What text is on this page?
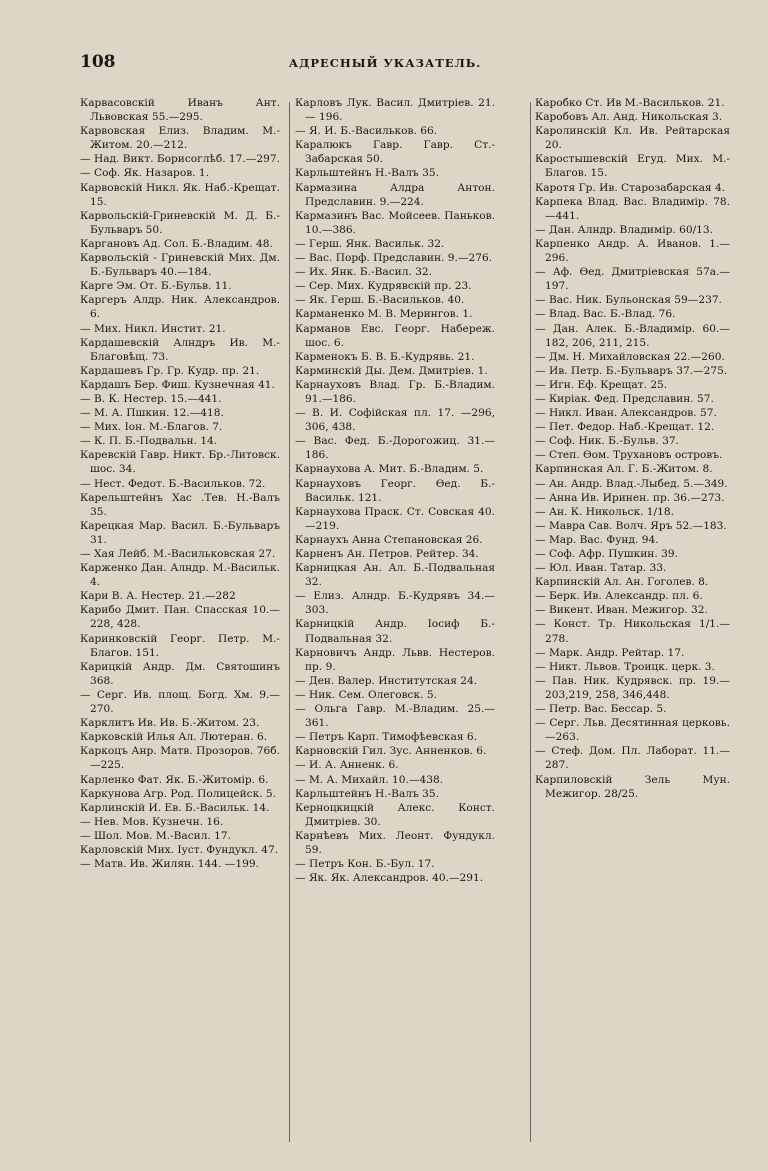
108	АДРЕСНЫЙ УКАЗАТЕЛЬ.

Карвасовскій Иванъ Ант. Львовская 55.—295.

Карвовская Елиз. Владим. М.-Житом. 20.—212.

— Над. Викт. Борисоглѣб. 17.—297.

— Соф. Як. Назаров. 1.

Карвовскій Никл. Як. Наб.-Крещат. 15.

Карвольскій-Гриневскій М. Д. Б.-Бульваръ 50.

Каргановъ Ад. Сол. Б.-Владим. 48.

Карвольскій - Гриневскій Мих. Дм. Б.-Бульваръ 40.—184.

Карге Эм. От. Б.-Бульв. 11.

Каргеръ Алдр. Ник. Александров. 6.

— Мих. Никл. Инстит. 21.

Кардашевскій Алндръ Ив. М.-Благовѣщ. 73.

Кардашевъ Гр. Гр. Кудр. пр. 21.

Кардашъ Бер. Фиш. Кузнечная 41.

— В. К. Нестер. 15.—441.

— М. А. Пшкин. 12.—418.

— Мих. Іон. М.-Благов. 7.

— К. П. Б.-Подвальн. 14.

Каревскій Гавр. Никт. Бр.-Литовск. шос. 34.

— Нест. Федот. Б.-Васильков. 72.

Карельштейнъ Хас .Тев. Н.-Валъ 35.

Карецкая Мар. Васил. Б.-Бульваръ 31.

— Хая Лейб. М.-Васильковская 27.

Карженко Дан. Алндр. М.-Васильк. 4.

Кари В. А. Нестер. 21.—282

Карибо Дмит. Пан. Спасская 10.—228, 428.

Каринковскій Георг. Петр. М.-Благов. 151.

Карицкій Андр. Дм. Святошинъ 368.

— Серг. Ив. площ. Богд. Хм. 9.—270.

Карклитъ Ив. Ив. Б.-Житом. 23.

Карковскій Илья Ал. Лютеран. 6.

Каркоцъ Анр. Матв. Прозоров. 76б.—225.

Карленко Фат. Як. Б.-Житомір. 6.

Каркунова Агр. Род. Полицейск. 5.

Карлинскій И. Ев. Б.-Васильк. 14.

— Нев. Мов. Кузнечн. 16.

— Шол. Мов. М.-Васил. 17.

Карловскій Мих. Іуст. Фундукл. 47.

— Матв. Ив. Жилян. 144. —199.

Карловъ Лук. Васил. Дмитріев. 21.— 196.

— Я. И. Б.-Васильков. 66.

Каралюкъ Гавр. Гавр. Ст.-Забарская 50.

Карльштейнъ Н.-Валъ 35.

Кармазина Алдра Антон. Предславин. 9.—224.

Кармазинъ Вас. Мойсеев. Паньков. 10.—386.

— Герш. Янк. Васильк. 32.

— Вас. Порф. Предславин. 9.—276.

— Их. Янк. Б.-Васил. 32.

— Сер. Мих. Кудрявскій пр. 23.

— Як. Герш. Б.-Васильков. 40.

Карманенко М. В. Мерингов. 1.

Карманов Евс. Георг. Набереж. шос. 6.

Карменокъ Б. В. Б.-Кудрявь. 21.

Карминскій Ды. Дем. Дмитріев. 1.

Карнауховъ Влад. Гр. Б.-Владим. 91.—186.

— В. И. Софійская пл. 17. —296, 306, 438.

— Вас. Фед. Б.-Дорогожиц. 31.—186.

Карнаухова А. Мит. Б.-Владим. 5.

Карнауховъ Георг. Ѳед. Б.-Васильк. 121.

Карнаухова Праск. Ст. Совская 40.—219.

Карнаухъ Анна Степановская 26.

Карненъ Ан. Петров. Рейтер. 34.

Карницкая Ан. Ал. Б.-Подвальная 32.

— Елиз. Алндр. Б.-Кудрявъ 34.—303.

Карницкій Андр. Іосиф Б.-Подвальная 32.

Карновичъ Андр. Львв. Нестеров. пр. 9.

— Ден. Валер. Институтская 24.

— Ник. Сем. Олеговск. 5.

— Ольга Гавр. М.-Владим. 25.—361.

— Петръ Карп. Тимофѣевская 6.

Карновскій Гил. Зус. Анненков. 6.

— И. А. Анненк. 6.

— М. А. Михайл. 10.—438.

Карльштейнъ Н.-Валъ 35.

Керноцкицкій Алекс. Конст. Дмитріев. 30.

Карнѣевъ Мих. Леонт. Фундукл. 59.

— Петръ Кон. Б.-Бул. 17.

— Як. Як. Александров. 40.—291.

Каробко Ст. Ив М.-Васильков. 21.

Каробовъ Ал. Анд. Никольская 3.

Каролинскій Кл. Ив. Рейтарская 20.

Каростышевскій Егуд. Мих. М.-Благов. 15.

Каротя Гр. Ив. Старозабарская 4.

Карпека Влад. Вас. Владимір. 78.—441.

— Дан. Алндр. Владимір. 60/13.

Карпенко Андр. А. Иванов. 1.—296.

— Аф. Ѳед. Дмитріевская 57а.—197.

— Вас. Ник. Бульонская 59—237.

— Влад. Вас. Б.-Влад. 76.

— Дан. Алек. Б.-Владимір. 60.—182, 206, 211, 215.

— Дм. Н. Михайловская 22.—260.

— Ив. Петр. Б.-Бульваръ 37.—275.

— Игн. Еф. Крещат. 25.

— Киріак. Фед. Предславин. 57.

— Никл. Иван. Александров. 57.

— Пет. Федор. Наб.-Крещат. 12.

— Соф. Ник. Б.-Бульв. 37.

— Степ. Ѳом. Трухановъ островъ.

Карпинская Ал. Г. Б.-Житом. 8.

— Ан. Андр. Влад.-Лыбед. 5.—349.

— Анна Ив. Иринен. пр. 36.—273.

— Ан. К. Никольск. 1/18.

— Мавра Сав. Волч. Яръ 52.—183.

— Мар. Вас. Фунд. 94.

— Соф. Афр. Пушкин. 39.

— Юл. Иван. Татар. 33.

Карпинскій Ал. Ан. Гоголев. 8.

— Берк. Ив. Александр. пл. 6.

— Викент. Иван. Межигор. 32.

— Конст. Тр. Никольская 1/1.— 278.

— Марк. Андр. Рейтар. 17.

— Никт. Львов. Троицк. церк. 3.

— Пав. Ник. Кудрявск. пр. 19.—203,219, 258, 346,448.

— Петр. Вас. Бессар. 5.

— Серг. Льв. Десятинная церковь.—263.

— Стеф. Дом. Пл. Лаборат. 11.—287.

Карпиловскій Зель Мун. Межигор. 28/25.
